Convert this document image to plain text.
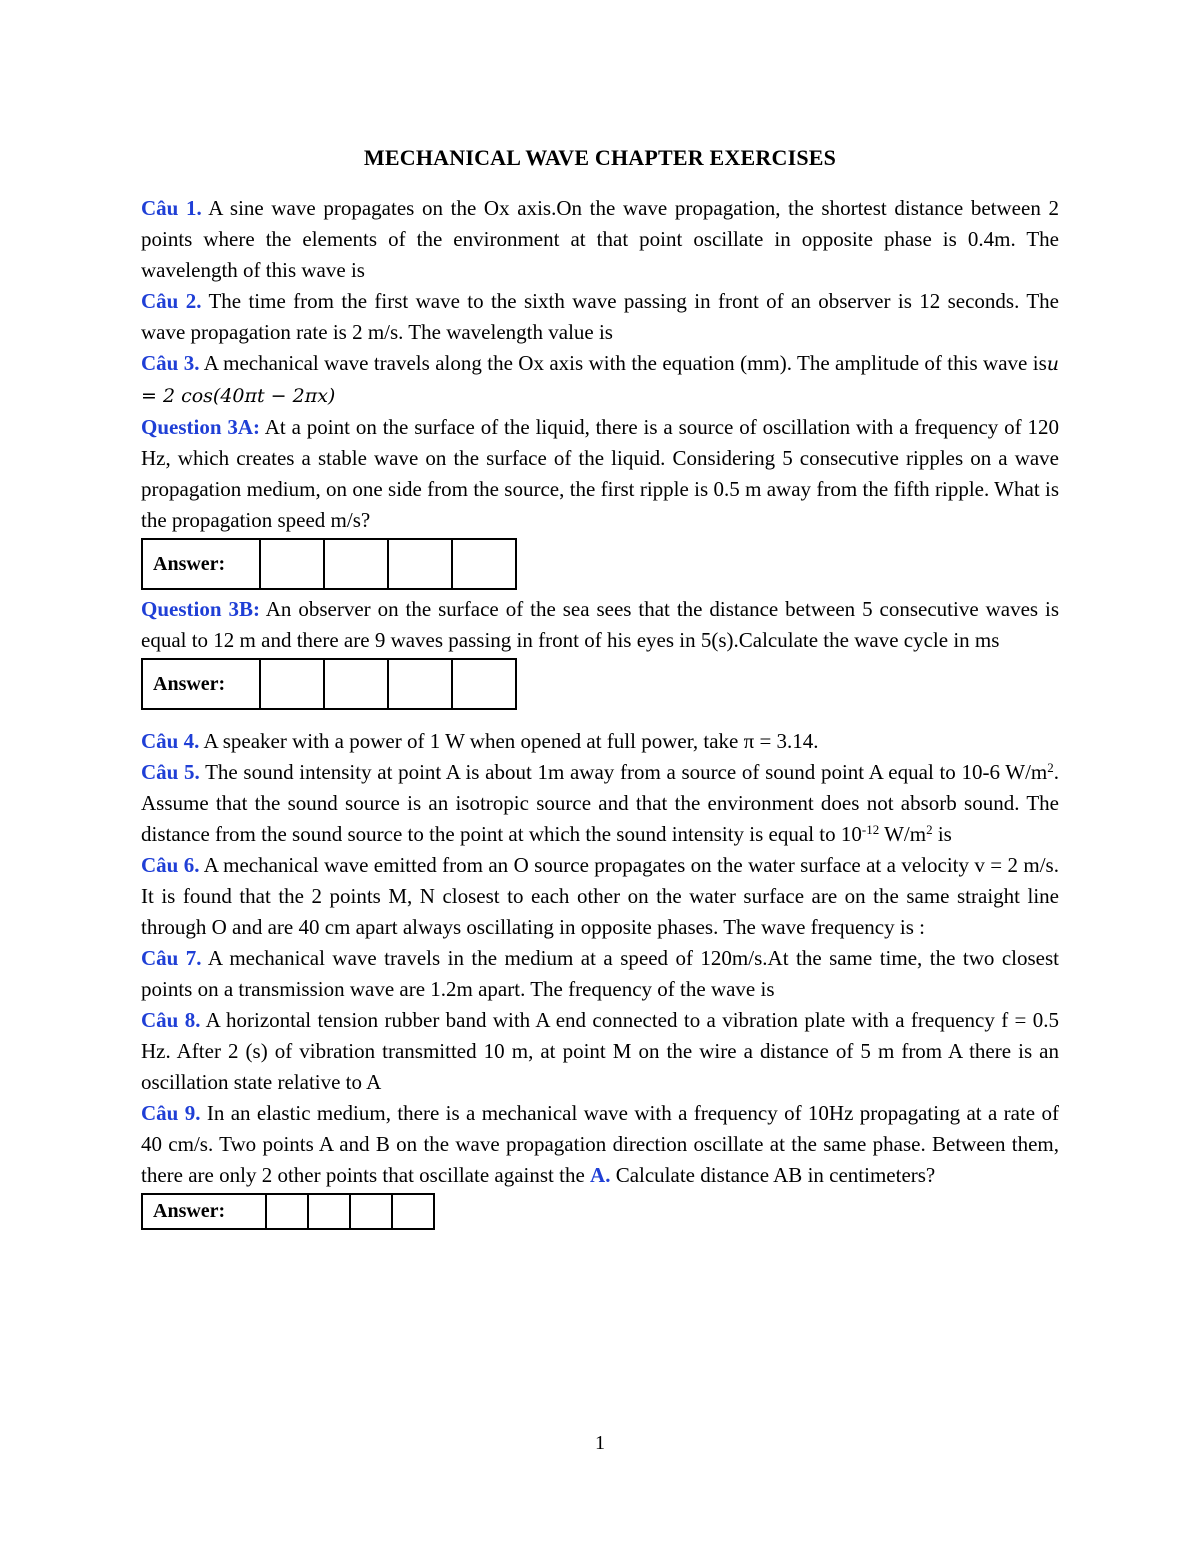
MECHANICAL WAVE CHAPTER EXERCISES

Câu 1. A sine wave propagates on the Ox axis.On the wave propagation, the shortest distance between 2 points where the elements of the environment at that point oscillate in opposite phase is 0.4m. The wavelength of this wave is

Câu 2. The time from the first wave to the sixth wave passing in front of an observer is 12 seconds. The wave propagation rate is 2 m/s. The wavelength value is

Câu 3. A mechanical wave travels along the Ox axis with the equation (mm). The amplitude of this wave isu = 2 cos(40πt − 2πx)

Question 3A: At a point on the surface of the liquid, there is a source of oscillation with a frequency of 120 Hz, which creates a stable wave on the surface of the liquid. Considering 5 consecutive ripples on a wave propagation medium, on one side from the source, the first ripple is 0.5 m away from the fifth ripple. What is the propagation speed m/s?

Answer:				

Question 3B: An observer on the surface of the sea sees that the distance between 5 consecutive waves is equal to 12 m and there are 9 waves passing in front of his eyes in 5(s).Calculate the wave cycle in ms

Answer:				

Câu 4. A speaker with a power of 1 W when opened at full power, take π = 3.14.

Câu 5. The sound intensity at point A is about 1m away from a source of sound point A equal to 10-6 $W/m^2$. Assume that the sound source is an isotropic source and that the environment does not absorb sound. The distance from the sound source to the point at which the sound intensity is equal to $10^{-12}$ $W/m^2$ is

Câu 6. A mechanical wave emitted from an O source propagates on the water surface at a velocity v = 2 m/s. It is found that the 2 points M, N closest to each other on the water surface are on the same straight line through O and are 40 cm apart always oscillating in opposite phases. The wave frequency is :

Câu 7. A mechanical wave travels in the medium at a speed of 120m/s.At the same time, the two closest points on a transmission wave are 1.2m apart. The frequency of the wave is

Câu 8. A horizontal tension rubber band with A end connected to a vibration plate with a frequency f = 0.5 Hz. After 2 (s) of vibration transmitted 10 m, at point M on the wire a distance of 5 m from A there is an oscillation state relative to A

Câu 9. In an elastic medium, there is a mechanical wave with a frequency of 10Hz propagating at a rate of 40 cm/s. Two points A and B on the wave propagation direction oscillate at the same phase. Between them, there are only 2 other points that oscillate against the A. Calculate distance AB in centimeters?

Answer:				
1
